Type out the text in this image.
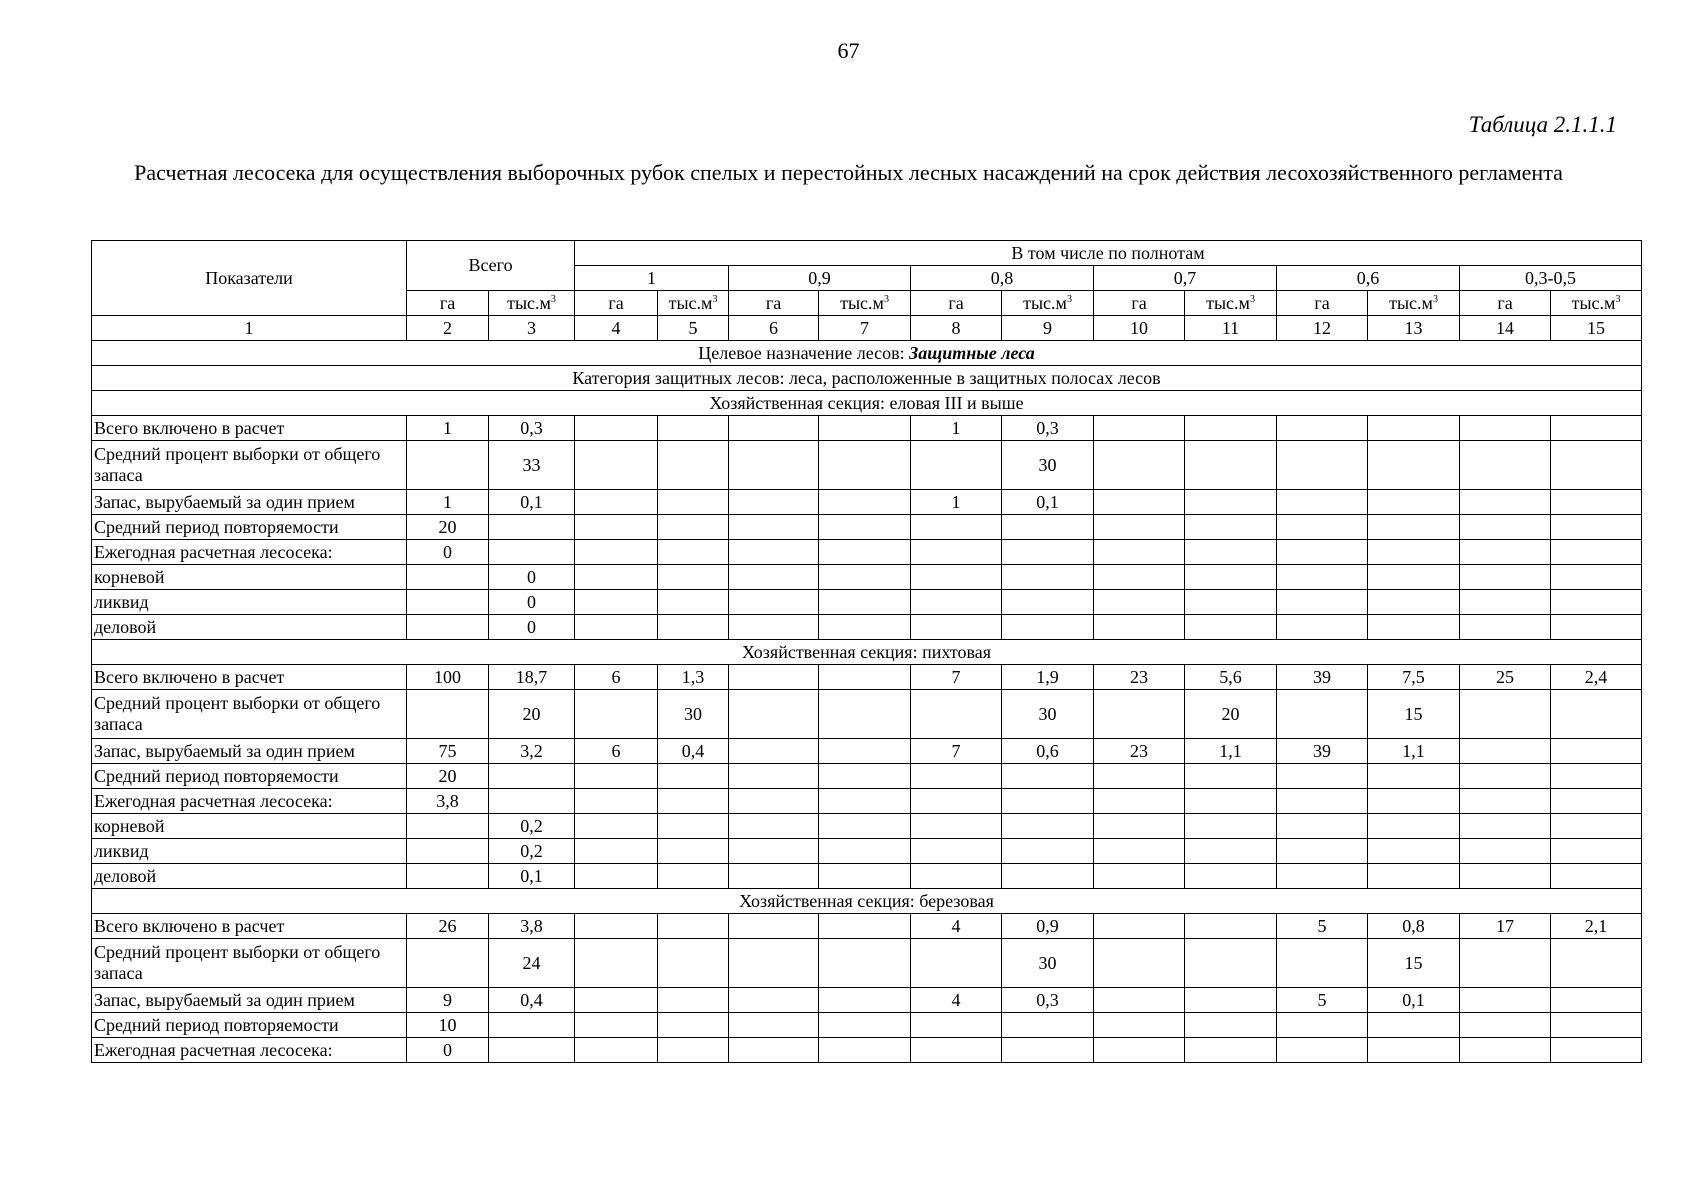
67
Таблица 2.1.1.1
Расчетная лесосека для осуществления выборочных рубок спелых и перестойных лесных насаждений на срок действия лесохозяйственного регламента
Показатели	Всего		В том числе по полнотам											
			1		0,9		0,8		0,7		0,6		0,3-0,5	
	га	$тыс.м^3$	га	$тыс.м^3$	га	$тыс.м^3$	га	$тыс.м^3$	га	$тыс.м^3$	га	$тыс.м^3$	га	$тыс.м^3$
1	2	3	4	5	6	7	8	9	10	11	12	13	14	15
Целевое назначение лесов: Защитные леса														
Категория защитных лесов: леса, расположенные в защитных полосах лесов														
Хозяйственная секция: еловая III и выше														
Всего включено в расчет	1	0,3					1	0,3						
Средний процент выборки от общего запаса		33						30						
Запас, вырубаемый за один прием	1	0,1					1	0,1						
Средний период повторяемости	20													
Ежегодная расчетная лесосека:	0													
корневой		0												
ликвид		0												
деловой		0												
Хозяйственная секция: пихтовая														
Всего включено в расчет	100	18,7	6	1,3			7	1,9	23	5,6	39	7,5	25	2,4
Средний процент выборки от общего запаса		20		30				30		20		15		
Запас, вырубаемый за один прием	75	3,2	6	0,4			7	0,6	23	1,1	39	1,1		
Средний период повторяемости	20													
Ежегодная расчетная лесосека:	3,8													
корневой		0,2												
ликвид		0,2												
деловой		0,1												
Хозяйственная секция: березовая														
Всего включено в расчет	26	3,8					4	0,9			5	0,8	17	2,1
Средний процент выборки от общего запаса		24						30				15		
Запас, вырубаемый за один прием	9	0,4					4	0,3			5	0,1		
Средний период повторяемости	10													
Ежегодная расчетная лесосека:	0													
